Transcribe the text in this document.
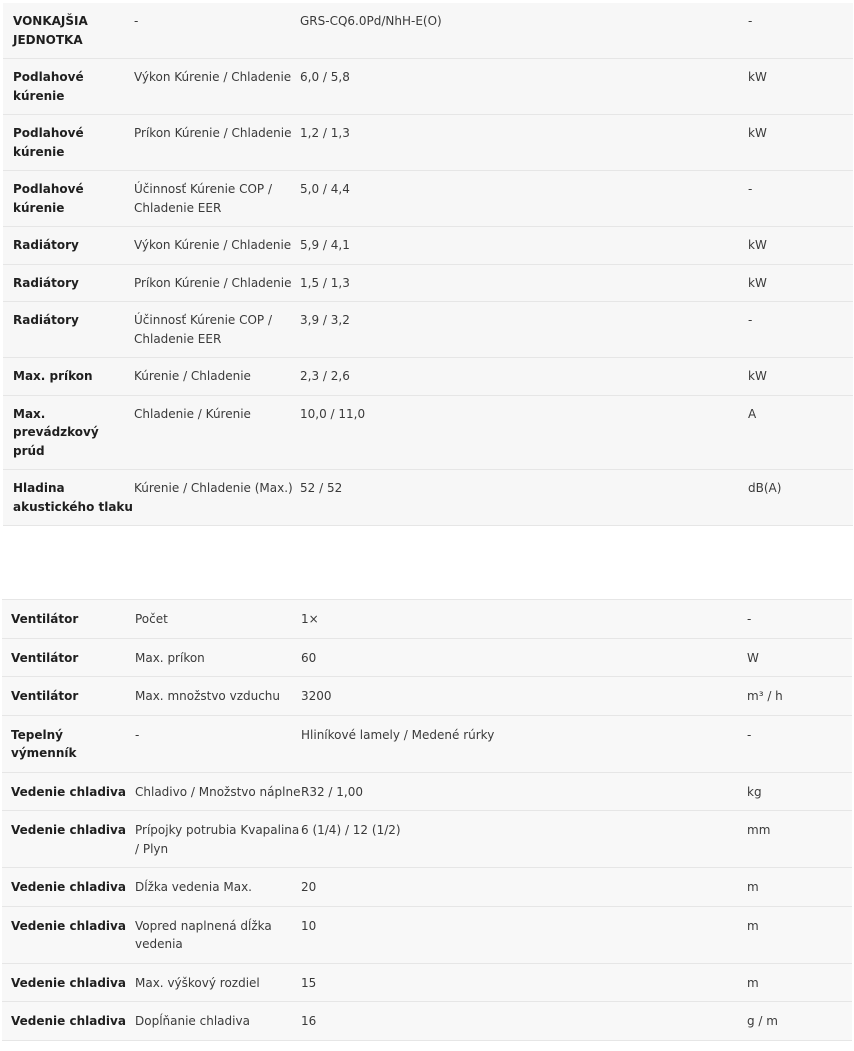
VONKAJŠIA JEDNOTKA	-	GRS-CQ6.0Pd/NhH-E(O)	-
Podlahové kúrenie	Výkon Kúrenie / Chladenie	6,0 / 5,8	kW
Podlahové kúrenie	Príkon Kúrenie / Chladenie	1,2 / 1,3	kW
Podlahové kúrenie	Účinnosť Kúrenie COP / Chladenie EER	5,0 / 4,4	-
Radiátory	Výkon Kúrenie / Chladenie	5,9 / 4,1	kW
Radiátory	Príkon Kúrenie / Chladenie	1,5 / 1,3	kW
Radiátory	Účinnosť Kúrenie COP / Chladenie EER	3,9 / 3,2	-
Max. príkon	Kúrenie / Chladenie	2,3 / 2,6	kW
Max. prevádzkový prúd	Chladenie / Kúrenie	10,0 / 11,0	A
Hladina akustického tlaku	Kúrenie / Chladenie (Max.)	52 / 52	dB(A)
Ventilátor	Počet	1×	-
Ventilátor	Max. príkon	60	W
Ventilátor	Max. množstvo vzduchu	3200	m³ / h
Tepelný výmenník	-	Hliníkové lamely / Medené rúrky	-
Vedenie chladiva	Chladivo / Množstvo náplne	R32 / 1,00	kg
Vedenie chladiva	Prípojky potrubia Kvapalina / Plyn	6 (1/4) / 12 (1/2)	mm
Vedenie chladiva	Dĺžka vedenia Max.	20	m
Vedenie chladiva	Vopred naplnená dĺžka vedenia	10	m
Vedenie chladiva	Max. výškový rozdiel	15	m
Vedenie chladiva	Dopĺňanie chladiva	16	g / m
